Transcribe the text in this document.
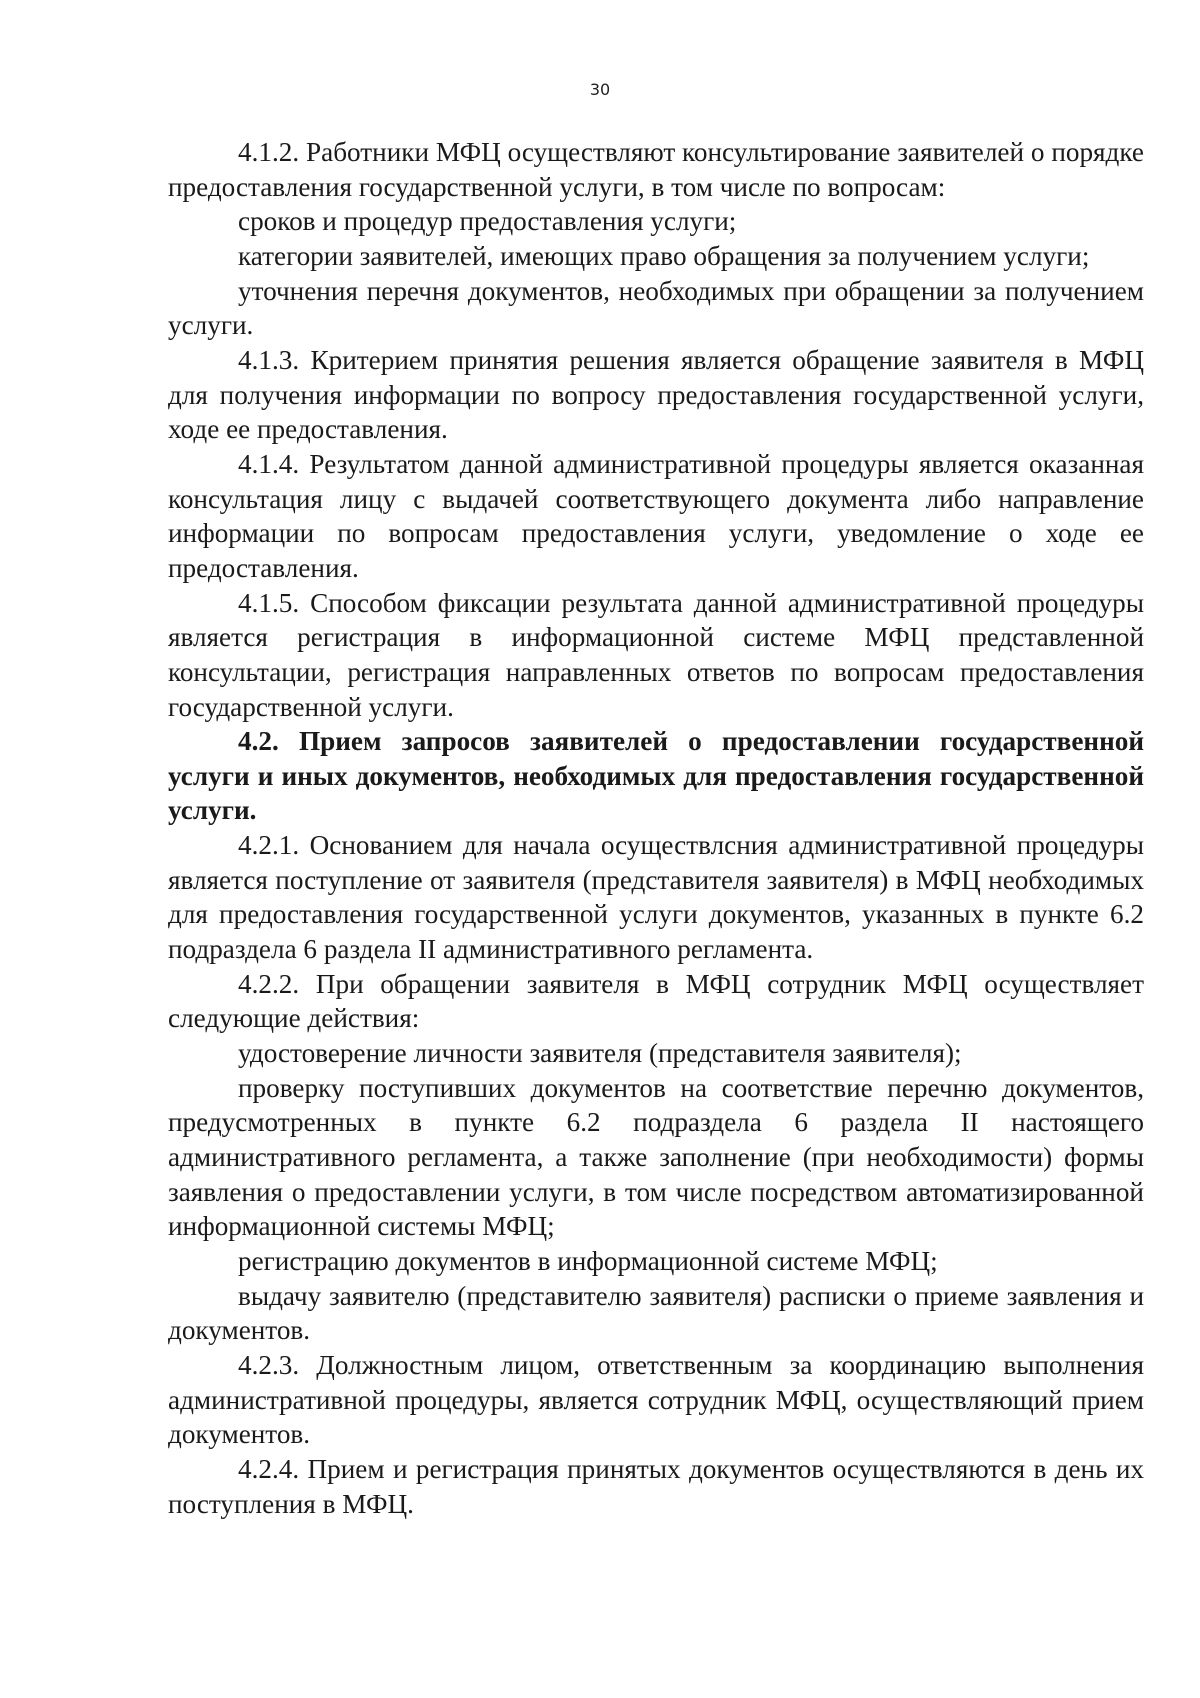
30

4.1.2. Работники МФЦ осуществляют консультирование заявителей о порядке предоставления государственной услуги, в том числе по вопросам:

сроков и процедур предоставления услуги;

категории заявителей, имеющих право обращения за получением услуги;

уточнения перечня документов, необходимых при обращении за получением услуги.

4.1.3. Критерием принятия решения является обращение заявителя в МФЦ для получения информации по вопросу предоставления государственной услуги, ходе ее предоставления.

4.1.4. Результатом данной административной процедуры является оказанная консультация лицу с выдачей соответствующего документа либо направление информации по вопросам предоставления услуги, уведомление о ходе ее предоставления.

4.1.5. Способом фиксации результата данной административной процедуры является регистрация в информационной системе МФЦ представленной консультации, регистрация направленных ответов по вопросам предоставления государственной услуги.

4.2. Прием запросов заявителей о предоставлении государственной услуги и иных документов, необходимых для предоставления государственной услуги.

4.2.1. Основанием для начала осуществлсния административной процедуры является поступление от заявителя (представителя заявителя) в МФЦ необходимых для предоставления государственной услуги документов, указанных в пункте 6.2 подраздела 6 раздела II административного регламента.

4.2.2. При обращении заявителя в МФЦ сотрудник МФЦ осуществляет следующие действия:

удостоверение личности заявителя (представителя заявителя);

проверку поступивших документов на соответствие перечню документов, предусмотренных в пункте 6.2 подраздела 6 раздела II настоящего административного регламента, а также заполнение (при необходимости) формы заявления о предоставлении услуги, в том числе посредством автоматизированной информационной системы МФЦ;

регистрацию документов в информационной системе МФЦ;

выдачу заявителю (представителю заявителя) расписки о приеме заявления и документов.

4.2.3. Должностным лицом, ответственным за координацию выполнения административной процедуры, является сотрудник МФЦ, осуществляющий прием документов.

4.2.4. Прием и регистрация принятых документов осуществляются в день их поступления в МФЦ.
